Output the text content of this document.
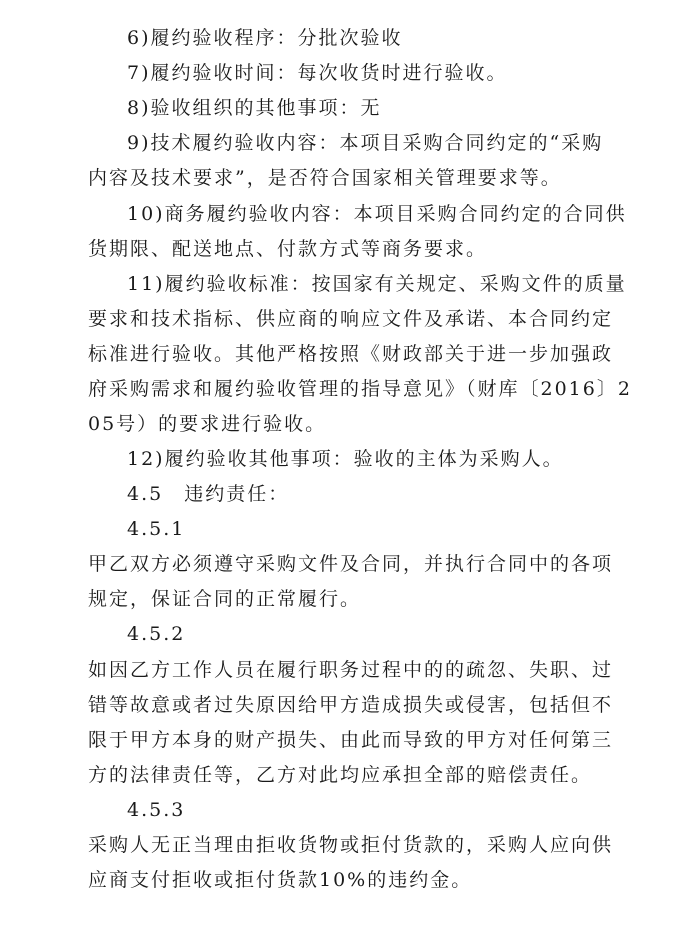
6)履约验收程序：分批次验收

7)履约验收时间：每次收货时进行验收。

8)验收组织的其他事项：无

9)技术履约验收内容：本项目采购合同约定的“采购

内容及技术要求”，是否符合国家相关管理要求等。

10)商务履约验收内容：本项目采购合同约定的合同供

货期限、配送地点、付款方式等商务要求。

11)履约验收标准：按国家有关规定、采购文件的质量

要求和技术指标、供应商的响应文件及承诺、本合同约定

标准进行验收。其他严格按照《财政部关于进一步加强政

府采购需求和履约验收管理的指导意见》（财库〔2016〕2

05号）的要求进行验收。

12)履约验收其他事项：验收的主体为采购人。

4.5　违约责任：

4.5.1

甲乙双方必须遵守采购文件及合同，并执行合同中的各项

规定，保证合同的正常履行。

4.5.2

如因乙方工作人员在履行职务过程中的的疏忽、失职、过

错等故意或者过失原因给甲方造成损失或侵害，包括但不

限于甲方本身的财产损失、由此而导致的甲方对任何第三

方的法律责任等，乙方对此均应承担全部的赔偿责任。

4.5.3

采购人无正当理由拒收货物或拒付货款的，采购人应向供

应商支付拒收或拒付货款10%的违约金。
